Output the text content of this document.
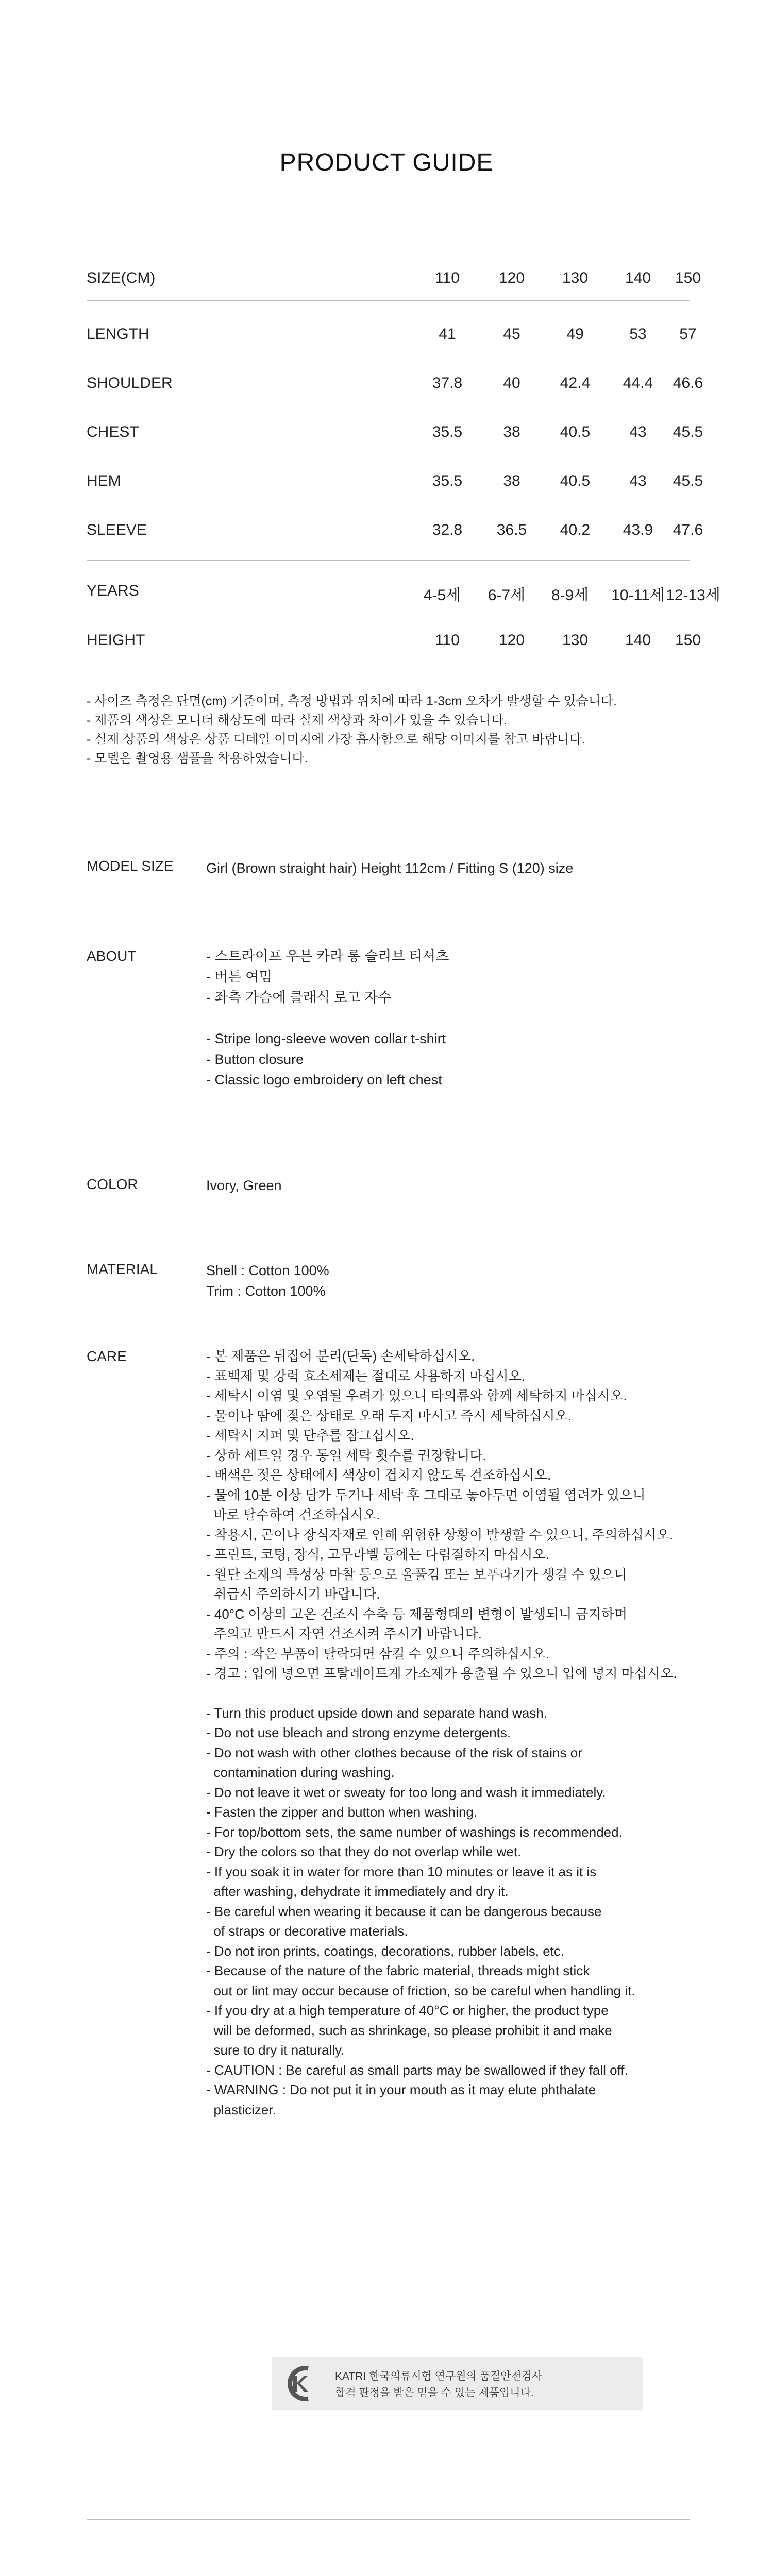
PRODUCT GUIDE
SIZE(CM)	110	120	130	140	150
LENGTH	41	45	49	53	57
SHOULDER	37.8	40	42.4	44.4	46.6
CHEST	35.5	38	40.5	43	45.5
HEM	35.5	38	40.5	43	45.5
SLEEVE	32.8	36.5	40.2	43.9	47.6
YEARS	4-5세	6-7세	8-9세	10-11세 12-13세
HEIGHT	110	120	130	140	150
- 사이즈 측정은 단면(cm) 기준이며, 측정 방법과 위치에 따라 1-3cm 오차가 발생할 수 있습니다.
- 제품의 색상은 모니터 해상도에 따라 실제 색상과 차이가 있을 수 있습니다.
- 실제 상품의 색상은 상품 디테일 이미지에 가장 흡사함으로 해당 이미지를 참고 바랍니다.
- 모델은 촬영용 샘플을 착용하였습니다.
MODEL SIZE Girl (Brown straight hair) Height 112cm / Fitting S (120) size
ABOUT	- 스트라이프 우븐 카라 롱 슬리브 티셔츠
- 버튼 여밈
- 좌측 가슴에 클래식 로고 자수

- Stripe long-sleeve woven collar t-shirt
- Button closure
- Classic logo embroidery on left chest
COLOR	Ivory, Green
MATERIAL	Shell : Cotton 100%
Trim : Cotton 100%
CARE	- 본 제품은 뒤집어 분리(단독) 손세탁하십시오.
- 표백제 및 강력 효소세제는 절대로 사용하지 마십시오.
- 세탁시 이염 및 오염될 우려가 있으니 타의류와 함께 세탁하지 마십시오.
- 물이나 땀에 젖은 상태로 오래 두지 마시고 즉시 세탁하십시오.
- 세탁시 지퍼 및 단추를 잠그십시오.
- 상하 세트일 경우 동일 세탁 횟수를 권장합니다.
- 배색은 젖은 상태에서 색상이 겹치지 않도록 건조하십시오.
- 물에 10분 이상 담가 두거나 세탁 후 그대로 놓아두면 이염될 염려가 있으니
바로 탈수하여 건조하십시오.
- 착용시, 곤이나 장식자재로 인해 위험한 상황이 발생할 수 있으니, 주의하십시오.
- 프린트, 코팅, 장식, 고무라벨 등에는 다림질하지 마십시오.
- 원단 소재의 특성상 마찰 등으로 올풀김 또는 보푸라기가 생길 수 있으니
취급시 주의하시기 바랍니다.
- 40°C 이상의 고온 건조시 수축 등 제품형태의 변형이 발생되니 금지하며
주의고 반드시 자연 건조시켜 주시기 바랍니다.
- 주의 : 작은 부품이 탈락되면 삼킬 수 있으니 주의하십시오.
- 경고 : 입에 넣으면 프탈레이트계 가소제가 용출될 수 있으니 입에 넣지 마십시오.
- Turn this product upside down and separate hand wash.
- Do not use bleach and strong enzyme detergents.
- Do not wash with other clothes because of the risk of stains or
contamination during washing.
- Do not leave it wet or sweaty for too long and wash it immediately.
- Fasten the zipper and button when washing.
- For top/bottom sets, the same number of washings is recommended.
- Dry the colors so that they do not overlap while wet.
- If you soak it in water for more than 10 minutes or leave it as it is
after washing, dehydrate it immediately and dry it.
- Be careful when wearing it because it can be dangerous because
of straps or decorative materials.
- Do not iron prints, coatings, decorations, rubber labels, etc.
- Because of the nature of the fabric material, threads might stick
out or lint may occur because of friction, so be careful when handling it.
- If you dry at a high temperature of 40°C or higher, the product type
will be deformed, such as shrinkage, so please prohibit it and make
sure to dry it naturally.
- CAUTION : Be careful as small parts may be swallowed if they fall off.
- WARNING : Do not put it in your mouth as it may elute phthalate
plasticizer.
KATRI 한국의류시험 연구원의 품질안전검사
합격 판정을 받은 믿을 수 있는 제품입니다.
